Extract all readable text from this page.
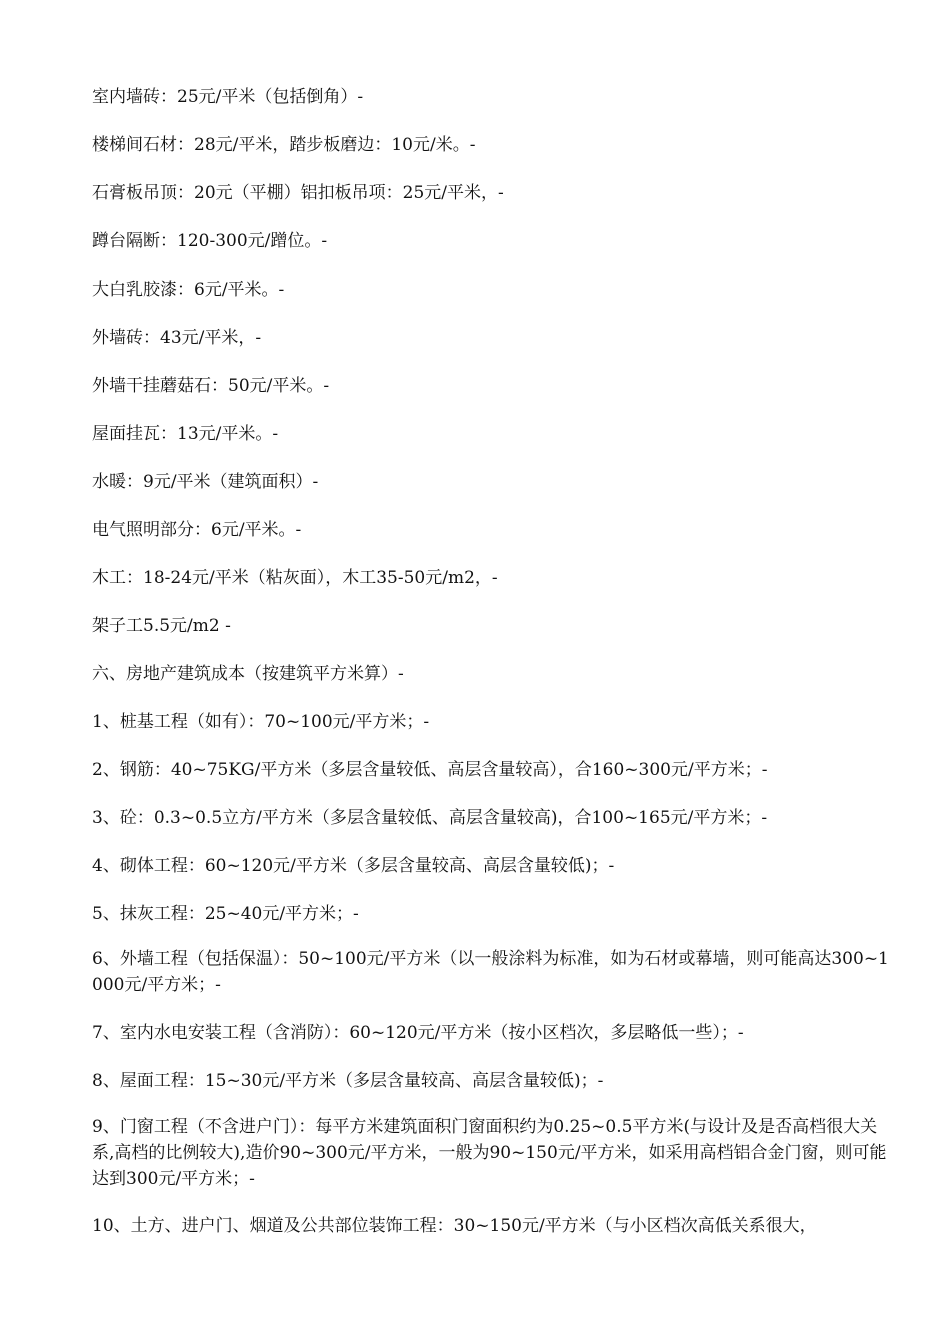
室内墙砖：25元/平米（包括倒角）-

楼梯间石材：28元/平米，踏步板磨边：10元/米。-

石膏板吊顶：20元（平棚）铝扣板吊项：25元/平米，-

蹲台隔断：120-300元/蹭位。-

大白乳胶漆：6元/平米。-

外墙砖：43元/平米，-

外墙干挂蘑菇石：50元/平米。-

屋面挂瓦：13元/平米。-

水暖：9元/平米（建筑面积）-

电气照明部分：6元/平米。-

木工：18-24元/平米（粘灰面），木工35-50元/m2，-

架子工5.5元/m2 -

六、房地产建筑成本（按建筑平方米算）-

1、桩基工程（如有）：70~100元/平方米；-

2、钢筋：40~75KG/平方米（多层含量较低、高层含量较高），合160~300元/平方米；-

3、砼：0.3~0.5立方/平方米（多层含量较低、高层含量较高)，合100~165元/平方米；-

4、砌体工程：60~120元/平方米（多层含量较高、高层含量较低)；-

5、抹灰工程：25~40元/平方米；-

6、外墙工程（包括保温）：50~100元/平方米（以一般涂料为标准，如为石材或幕墙，则可能高达300~1000元/平方米；-

7、室内水电安装工程（含消防）：60~120元/平方米（按小区档次，多层略低一些）；-

8、屋面工程：15~30元/平方米（多层含量较高、高层含量较低)；-

9、门窗工程（不含进户门）：每平方米建筑面积门窗面积约为0.25~0.5平方米(与设计及是否高档很大关系,高档的比例较大),造价90~300元/平方米，一般为90~150元/平方米，如采用高档铝合金门窗，则可能达到300元/平方米；-

10、土方、进户门、烟道及公共部位装饰工程：30~150元/平方米（与小区档次高低关系很大，
